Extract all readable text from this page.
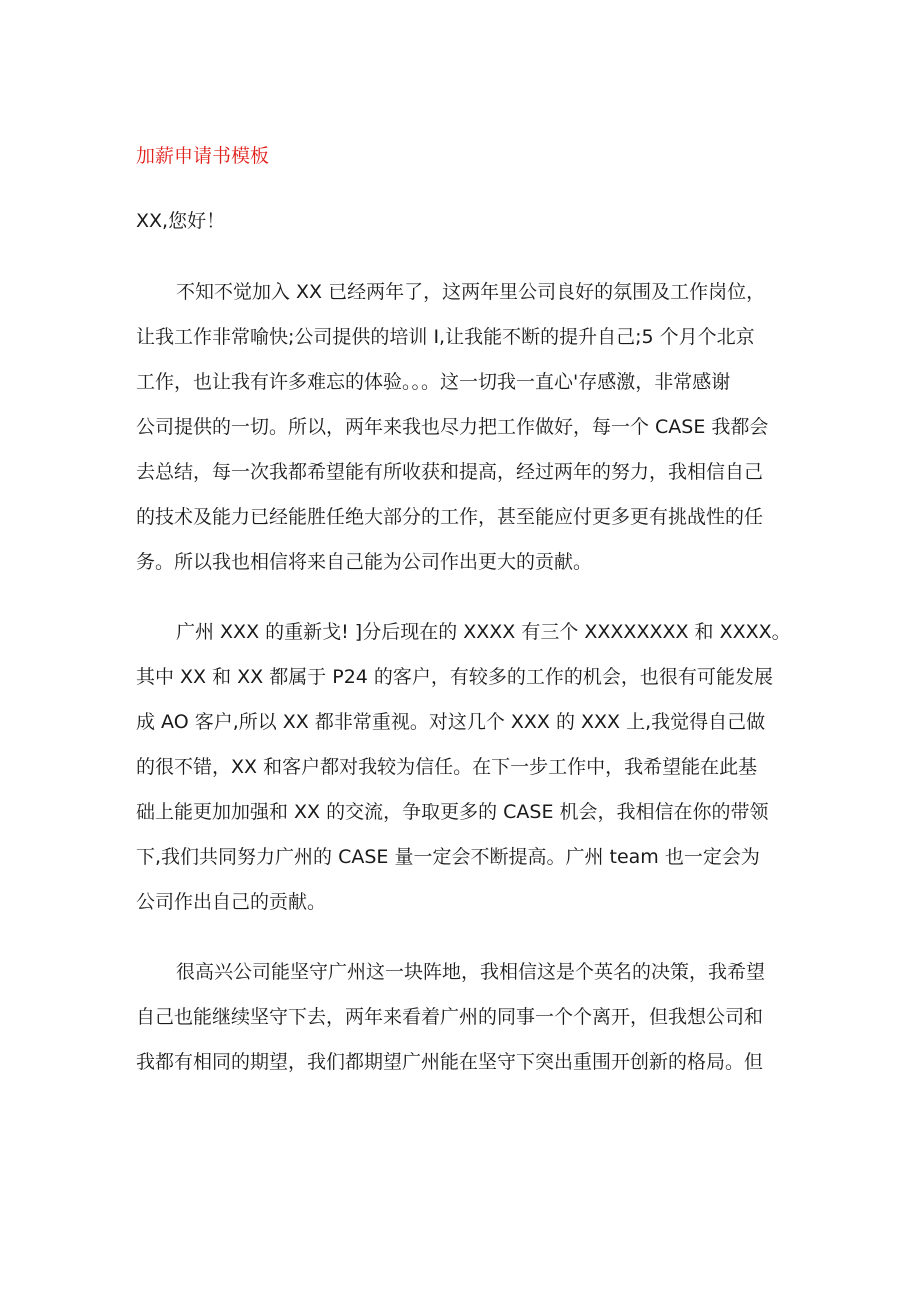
加薪申请书模板
XX,您好！
不知不觉加入 XX 已经两年了，这两年里公司良好的氛围及工作岗位，
让我工作非常喻快;公司提供的培训 I,让我能不断的提升自己;5 个月个北京
工作，也让我有许多难忘的体验。。。这一切我一直心'存感激，非常感谢
公司提供的一切。所以，两年来我也尽力把工作做好，每一个 CASE 我都会
去总结，每一次我都希望能有所收获和提高，经过两年的努力，我相信自己
的技术及能力已经能胜任绝大部分的工作，甚至能应付更多更有挑战性的任
务。所以我也相信将来自己能为公司作出更大的贡献。
广州 XXX 的重新戈! ]分后现在的 XXXX 有三个 XXXXXXXX 和 XXXX。
其中 XX 和 XX 都属于 P24 的客户，有较多的工作的机会，也很有可能发展
成 AO 客户,所以 XX 都非常重视。对这几个 XXX 的 XXX 上,我觉得自己做
的很不错，XX 和客户都对我较为信任。在下一步工作中，我希望能在此基
础上能更加加强和 XX 的交流，争取更多的 CASE 机会，我相信在你的带领
下,我们共同努力广州的 CASE 量一定会不断提高。广州 team 也一定会为
公司作出自己的贡献。
很高兴公司能坚守广州这一块阵地，我相信这是个英名的决策，我希望
自己也能继续坚守下去，两年来看着广州的同事一个个离开，但我想公司和
我都有相同的期望，我们都期望广州能在坚守下突出重围开创新的格局。但
